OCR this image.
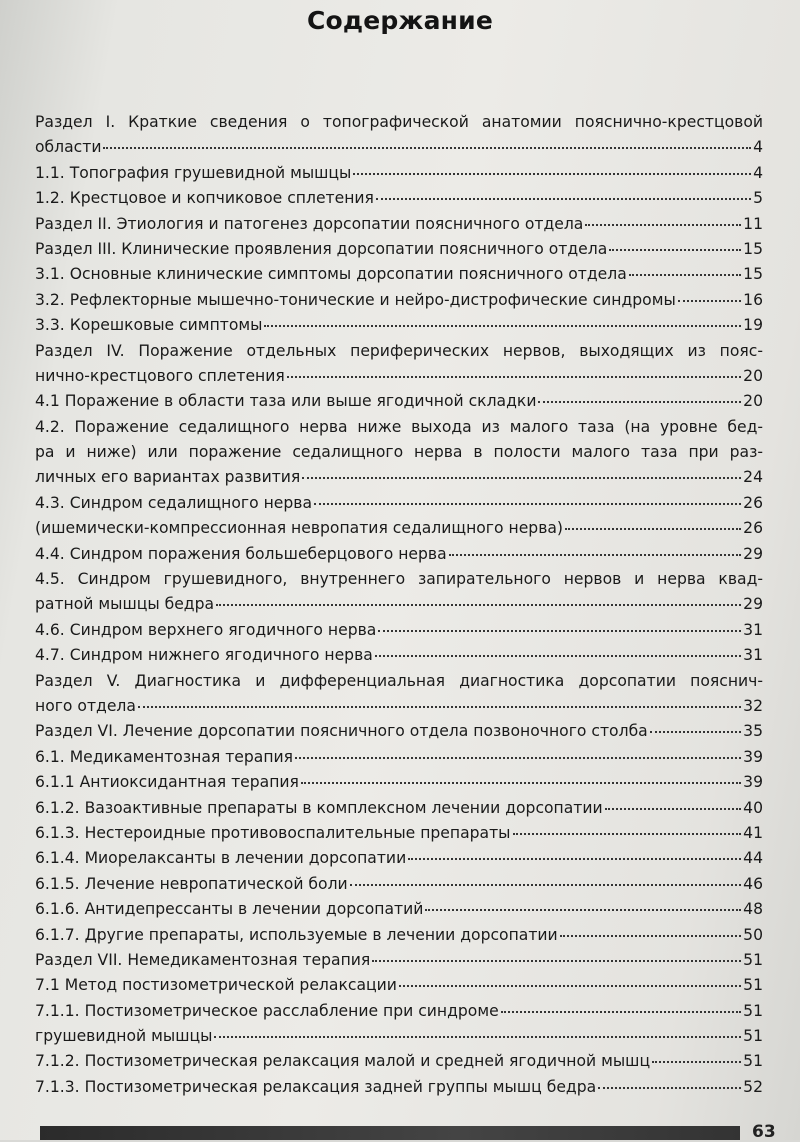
Содержание
Раздел I. Краткие сведения о топографической анатомии пояснично-крестцовой
области	4
1.1. Топография грушевидной мышцы	4
1.2. Крестцовое и копчиковое сплетения	5
Раздел II. Этиология и патогенез дорсопатии поясничного отдела	11
Раздел III. Клинические проявления дорсопатии поясничного отдела	15
3.1. Основные клинические симптомы дорсопатии поясничного отдела	15
3.2. Рефлекторные мышечно-тонические и нейро-дистрофические синдромы	16
3.3. Корешковые симптомы	19
Раздел IV. Поражение отдельных периферических нервов, выходящих из пояс-
нично-крестцового сплетения	20
4.1 Поражение в области таза или выше ягодичной складки	20
4.2. Поражение седалищного нерва ниже выхода из малого таза (на уровне бед-
ра и ниже) или поражение седалищного нерва в полости малого таза при раз-
личных его вариантах развития	24
4.3. Синдром седалищного нерва	26
(ишемически-компрессионная невропатия седалищного нерва)	26
4.4. Синдром поражения большеберцового нерва	29
4.5. Синдром грушевидного, внутреннего запирательного нервов и нерва квад-
ратной мышцы бедра	29
4.6. Синдром верхнего ягодичного нерва	31
4.7. Синдром нижнего ягодичного нерва	31
Раздел V. Диагностика и дифференциальная диагностика дорсопатии пояснич-
ного отдела	32
Раздел VI. Лечение дорсопатии поясничного отдела позвоночного столба	35
6.1. Медикаментозная терапия	39
6.1.1 Антиоксидантная терапия	39
6.1.2. Вазоактивные препараты в комплексном лечении дорсопатии	40
6.1.3. Нестероидные противовоспалительные препараты	41
6.1.4. Миорелаксанты в лечении дорсопатии	44
6.1.5. Лечение невропатической боли	46
6.1.6. Антидепрессанты в лечении дорсопатий	48
6.1.7. Другие препараты, используемые в лечении дорсопатии	50
Раздел VII. Немедикаментозная терапия	51
7.1 Метод постизометрической релаксации	51
7.1.1. Постизометрическое расслабление при синдроме	51
грушевидной мышцы	51
7.1.2. Постизометрическая релаксация малой и средней ягодичной мышц	51
7.1.3. Постизометрическая релаксация задней группы мышц бедра	52
63
